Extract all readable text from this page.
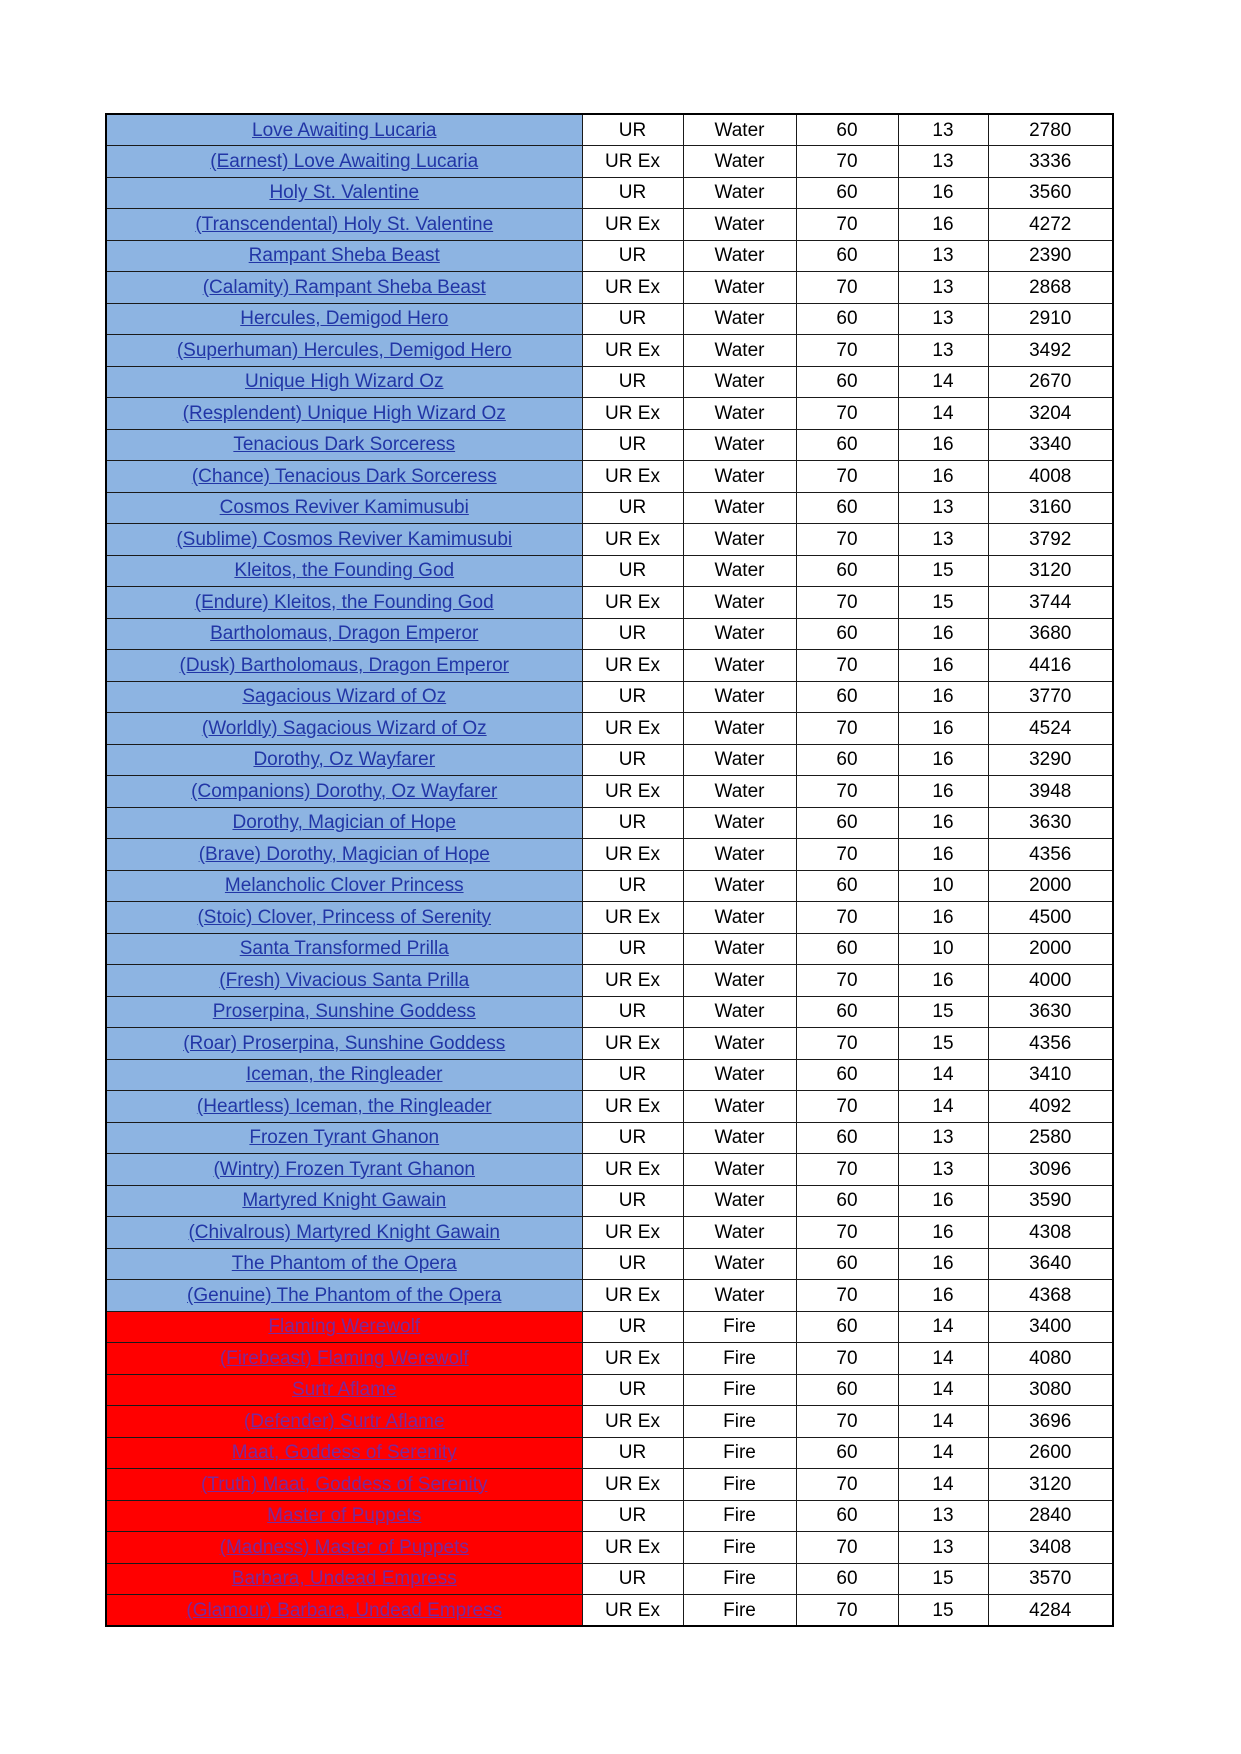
Love Awaiting Lucaria	UR	Water	60	13	2780
(Earnest) Love Awaiting Lucaria	UR Ex	Water	70	13	3336
Holy St. Valentine	UR	Water	60	16	3560
(Transcendental) Holy St. Valentine	UR Ex	Water	70	16	4272
Rampant Sheba Beast	UR	Water	60	13	2390
(Calamity) Rampant Sheba Beast	UR Ex	Water	70	13	2868
Hercules, Demigod Hero	UR	Water	60	13	2910
(Superhuman) Hercules, Demigod Hero	UR Ex	Water	70	13	3492
Unique High Wizard Oz	UR	Water	60	14	2670
(Resplendent) Unique High Wizard Oz	UR Ex	Water	70	14	3204
Tenacious Dark Sorceress	UR	Water	60	16	3340
(Chance) Tenacious Dark Sorceress	UR Ex	Water	70	16	4008
Cosmos Reviver Kamimusubi	UR	Water	60	13	3160
(Sublime) Cosmos Reviver Kamimusubi	UR Ex	Water	70	13	3792
Kleitos, the Founding God	UR	Water	60	15	3120
(Endure) Kleitos, the Founding God	UR Ex	Water	70	15	3744
Bartholomaus, Dragon Emperor	UR	Water	60	16	3680
(Dusk) Bartholomaus, Dragon Emperor	UR Ex	Water	70	16	4416
Sagacious Wizard of Oz	UR	Water	60	16	3770
(Worldly) Sagacious Wizard of Oz	UR Ex	Water	70	16	4524
Dorothy, Oz Wayfarer	UR	Water	60	16	3290
(Companions) Dorothy, Oz Wayfarer	UR Ex	Water	70	16	3948
Dorothy, Magician of Hope	UR	Water	60	16	3630
(Brave) Dorothy, Magician of Hope	UR Ex	Water	70	16	4356
Melancholic Clover Princess	UR	Water	60	10	2000
(Stoic) Clover, Princess of Serenity	UR Ex	Water	70	16	4500
Santa Transformed Prilla	UR	Water	60	10	2000
(Fresh) Vivacious Santa Prilla	UR Ex	Water	70	16	4000
Proserpina, Sunshine Goddess	UR	Water	60	15	3630
(Roar) Proserpina, Sunshine Goddess	UR Ex	Water	70	15	4356
Iceman, the Ringleader	UR	Water	60	14	3410
(Heartless) Iceman, the Ringleader	UR Ex	Water	70	14	4092
Frozen Tyrant Ghanon	UR	Water	60	13	2580
(Wintry) Frozen Tyrant Ghanon	UR Ex	Water	70	13	3096
Martyred Knight Gawain	UR	Water	60	16	3590
(Chivalrous) Martyred Knight Gawain	UR Ex	Water	70	16	4308
The Phantom of the Opera	UR	Water	60	16	3640
(Genuine) The Phantom of the Opera	UR Ex	Water	70	16	4368
Flaming Werewolf	UR	Fire	60	14	3400
(Firebeast) Flaming Werewolf	UR Ex	Fire	70	14	4080
Surtr Aflame	UR	Fire	60	14	3080
(Defender) Surtr Aflame	UR Ex	Fire	70	14	3696
Maat, Goddess of Serenity	UR	Fire	60	14	2600
(Truth) Maat, Goddess of Serenity	UR Ex	Fire	70	14	3120
Master of Puppets	UR	Fire	60	13	2840
(Madness) Master of Puppets	UR Ex	Fire	70	13	3408
Barbara, Undead Empress	UR	Fire	60	15	3570
(Glamour) Barbara, Undead Empress	UR Ex	Fire	70	15	4284
